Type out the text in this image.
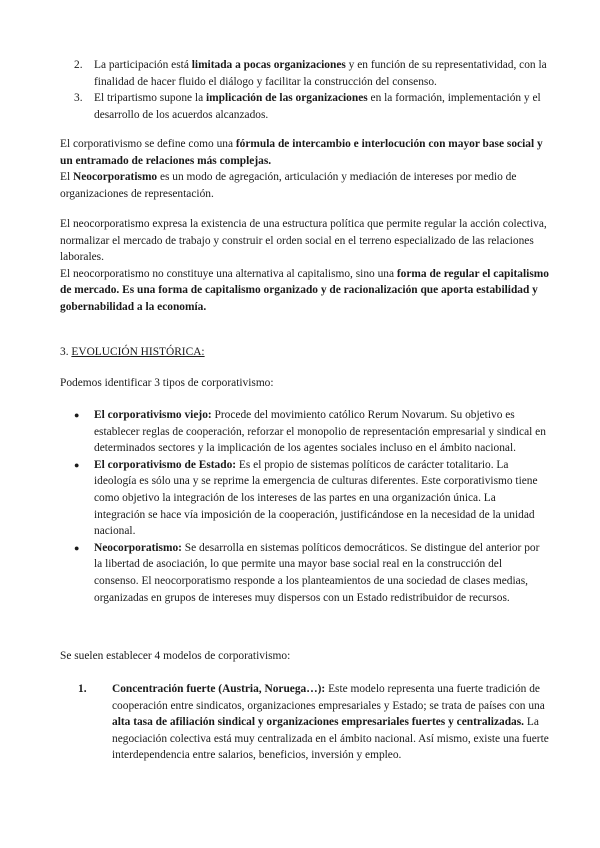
2. La participación está limitada a pocas organizaciones y en función de su representatividad, con la finalidad de hacer fluido el diálogo y facilitar la construcción del consenso.
3. El tripartismo supone la implicación de las organizaciones en la formación, implementación y el desarrollo de los acuerdos alcanzados.

El corporativismo se define como una fórmula de intercambio e interlocución con mayor base social y un entramado de relaciones más complejas.

El Neocorporatismo es un modo de agregación, articulación y mediación de intereses por medio de organizaciones de representación.

El neocorporatismo expresa la existencia de una estructura política que permite regular la acción colectiva, normalizar el mercado de trabajo y construir el orden social en el terreno especializado de las relaciones laborales.

El neocorporatismo no constituye una alternativa al capitalismo, sino una forma de regular el capitalismo de mercado. Es una forma de capitalismo organizado y de racionalización que aporta estabilidad y gobernabilidad a la economía.

3. EVOLUCIÓN HISTÓRICA:

Podemos identificar 3 tipos de corporativismo:

● El corporativismo viejo: Procede del movimiento católico Rerum Novarum. Su objetivo es establecer reglas de cooperación, reforzar el monopolio de representación empresarial y sindical en determinados sectores y la implicación de los agentes sociales incluso en el ámbito nacional.
● El corporativismo de Estado: Es el propio de sistemas políticos de carácter totalitario. La ideología es sólo una y se reprime la emergencia de culturas diferentes. Este corporativismo tiene como objetivo la integración de los intereses de las partes en una organización única. La integración se hace vía imposición de la cooperación, justificándose en la necesidad de la unidad nacional.
● Neocorporatismo: Se desarrolla en sistemas políticos democráticos. Se distingue del anterior por la libertad de asociación, lo que permite una mayor base social real en la construcción del consenso. El neocorporatismo responde a los planteamientos de una sociedad de clases medias, organizadas en grupos de intereses muy dispersos con un Estado redistribuidor de recursos.

Se suelen establecer 4 modelos de corporativismo:

1. Concentración fuerte (Austria, Noruega…): Este modelo representa una fuerte tradición de cooperación entre sindicatos, organizaciones empresariales y Estado; se trata de países con una alta tasa de afiliación sindical y organizaciones empresariales fuertes y centralizadas. La negociación colectiva está muy centralizada en el ámbito nacional. Así mismo, existe una fuerte interdependencia entre salarios, beneficios, inversión y empleo.
